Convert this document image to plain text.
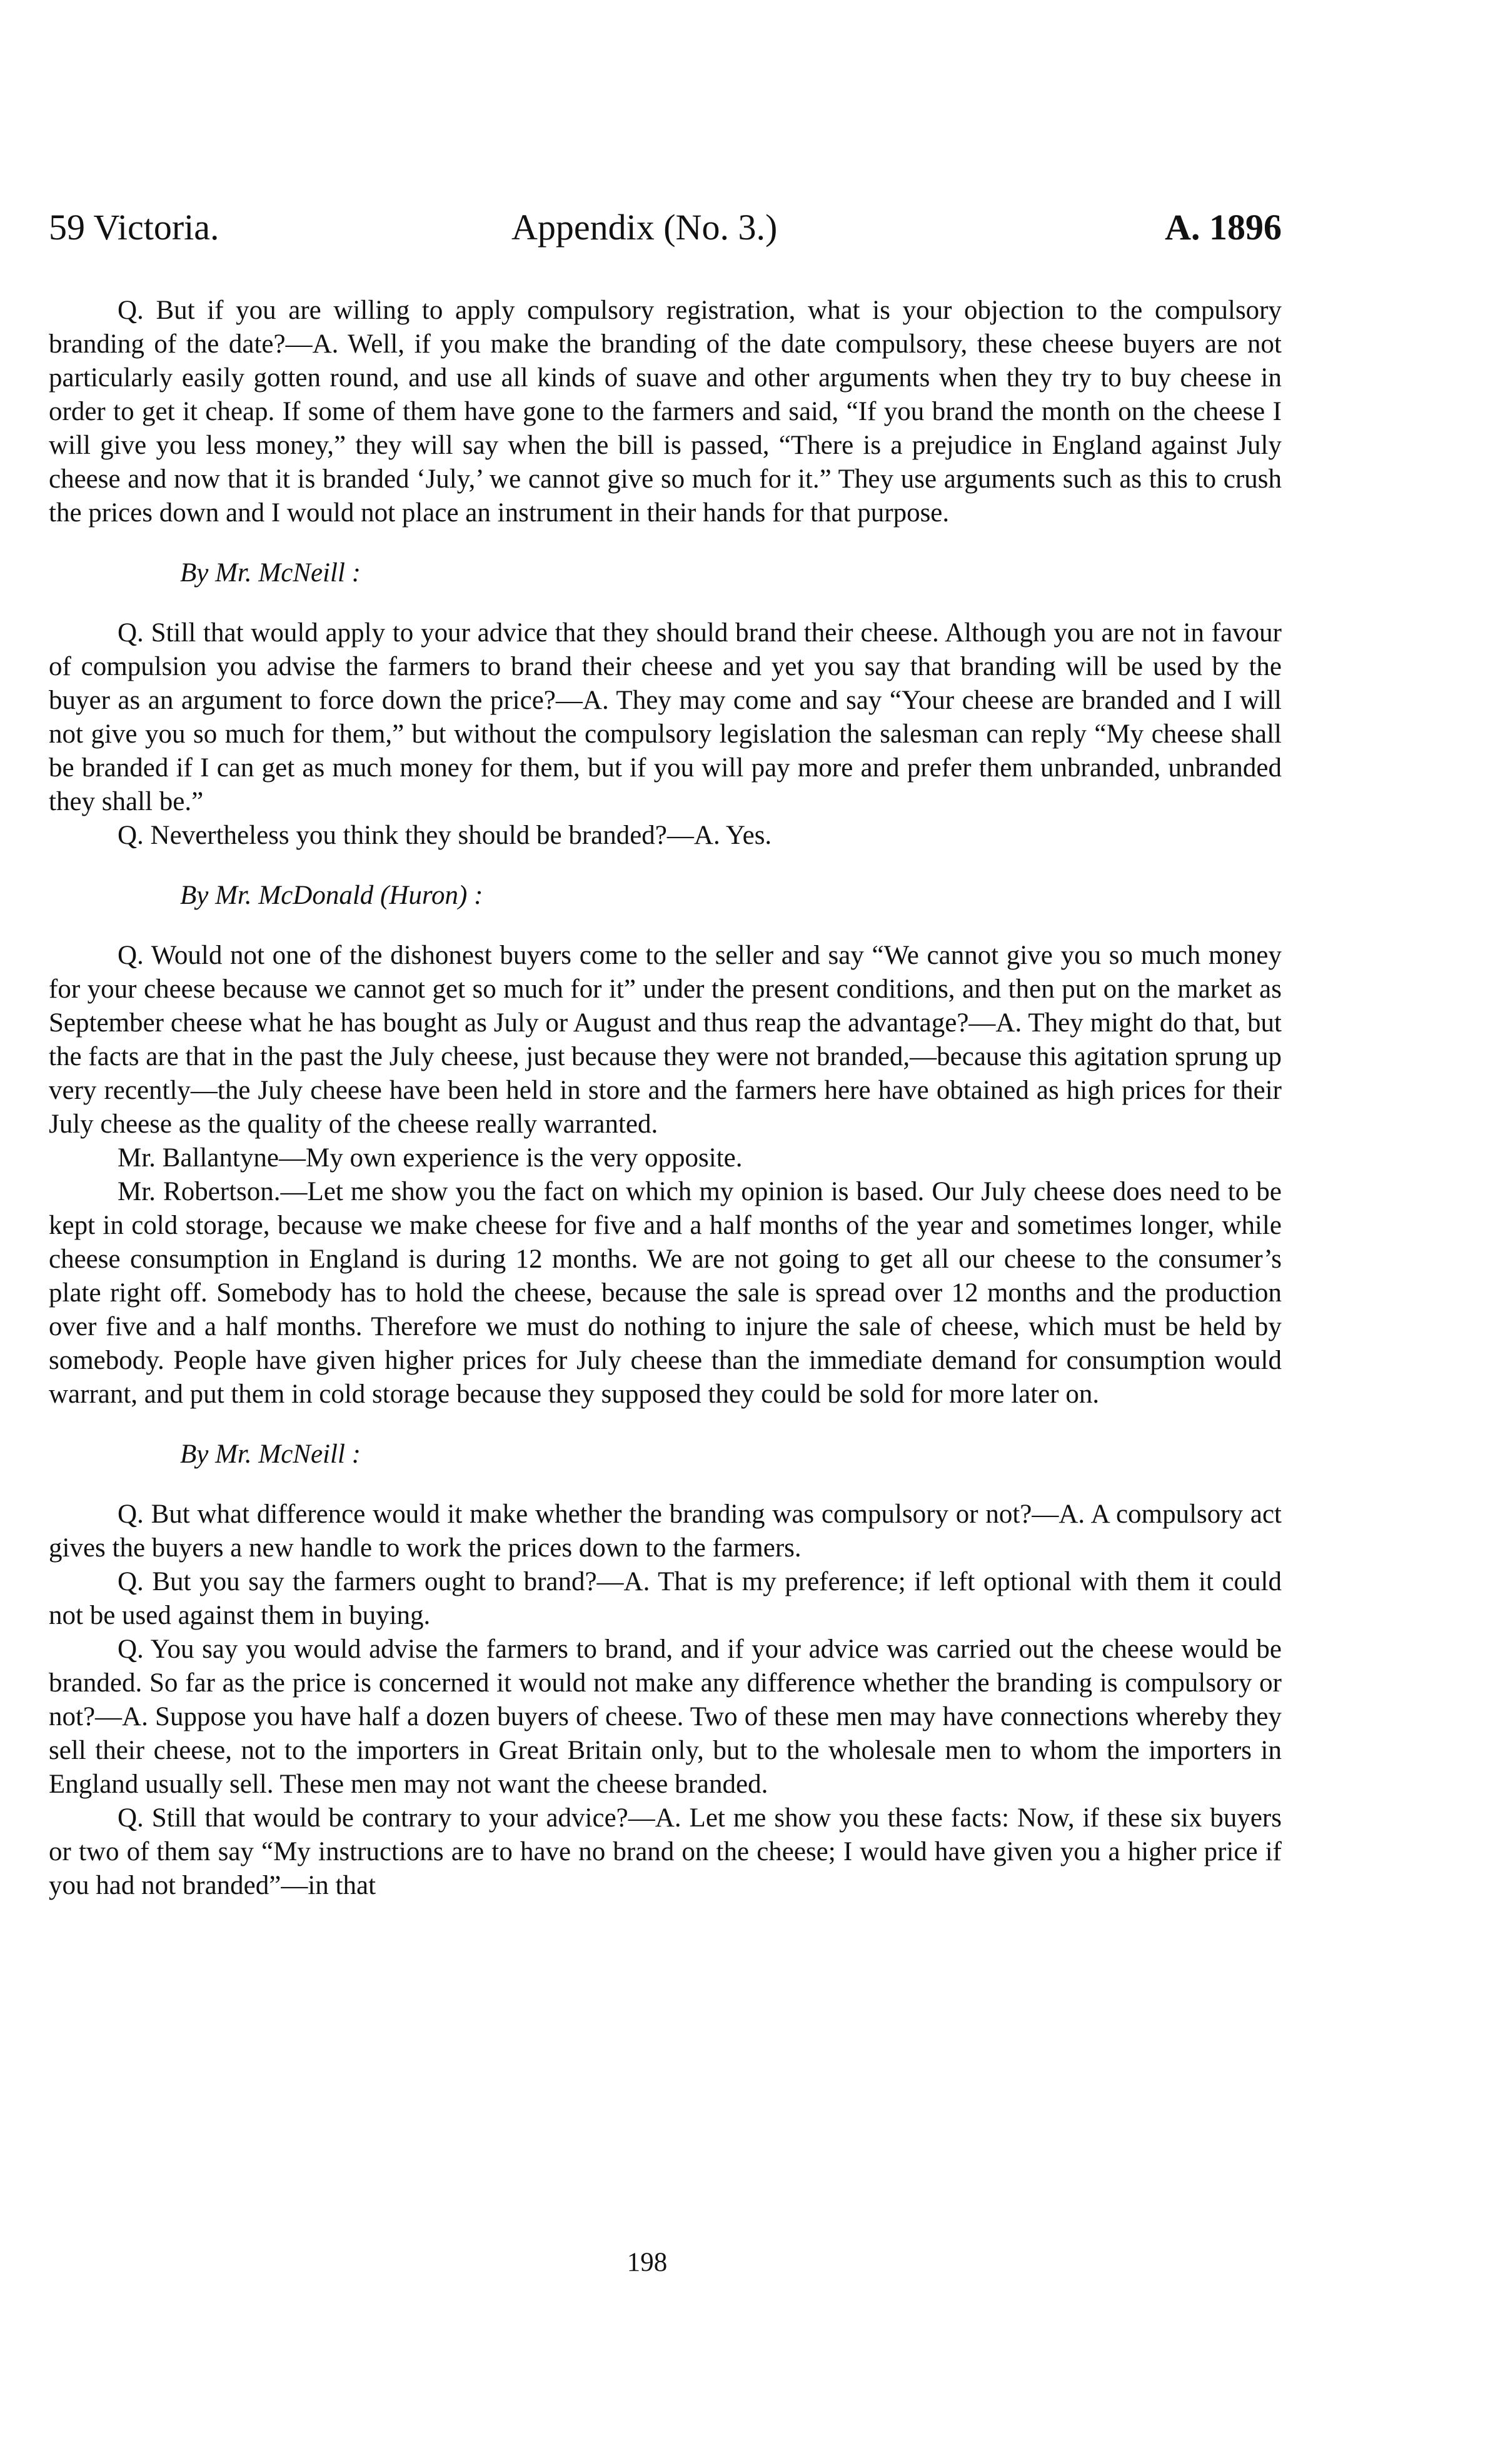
59 Victoria.	Appendix (No. 3.)	A. 1896

Q. But if you are willing to apply compulsory registration, what is your objection to the compulsory branding of the date?—A. Well, if you make the branding of the date compulsory, these cheese buyers are not particularly easily gotten round, and use all kinds of suave and other arguments when they try to buy cheese in order to get it cheap. If some of them have gone to the farmers and said, “If you brand the month on the cheese I will give you less money,” they will say when the bill is passed, “There is a prejudice in England against July cheese and now that it is branded ‘July,’ we cannot give so much for it.” They use arguments such as this to crush the prices down and I would not place an instrument in their hands for that purpose.

By Mr. McNeill :

Q. Still that would apply to your advice that they should brand their cheese. Although you are not in favour of compulsion you advise the farmers to brand their cheese and yet you say that branding will be used by the buyer as an argument to force down the price?—A. They may come and say “Your cheese are branded and I will not give you so much for them,” but without the compulsory legislation the salesman can reply “My cheese shall be branded if I can get as much money for them, but if you will pay more and prefer them unbranded, unbranded they shall be.”

Q. Nevertheless you think they should be branded?—A. Yes.

By Mr. McDonald (Huron) :

Q. Would not one of the dishonest buyers come to the seller and say “We cannot give you so much money for your cheese because we cannot get so much for it” under the present conditions, and then put on the market as September cheese what he has bought as July or August and thus reap the advantage?—A. They might do that, but the facts are that in the past the July cheese, just because they were not branded,—because this agitation sprung up very recently—the July cheese have been held in store and the farmers here have obtained as high prices for their July cheese as the quality of the cheese really warranted.

Mr. Ballantyne—My own experience is the very opposite.

Mr. Robertson.—Let me show you the fact on which my opinion is based. Our July cheese does need to be kept in cold storage, because we make cheese for five and a half months of the year and sometimes longer, while cheese consumption in England is during 12 months. We are not going to get all our cheese to the consumer’s plate right off. Somebody has to hold the cheese, because the sale is spread over 12 months and the production over five and a half months. Therefore we must do nothing to injure the sale of cheese, which must be held by somebody. People have given higher prices for July cheese than the immediate demand for consumption would warrant, and put them in cold storage because they supposed they could be sold for more later on.

By Mr. McNeill :

Q. But what difference would it make whether the branding was compulsory or not?—A. A compulsory act gives the buyers a new handle to work the prices down to the farmers.

Q. But you say the farmers ought to brand?—A. That is my preference; if left optional with them it could not be used against them in buying.

Q. You say you would advise the farmers to brand, and if your advice was carried out the cheese would be branded. So far as the price is concerned it would not make any difference whether the branding is compulsory or not?—A. Suppose you have half a dozen buyers of cheese. Two of these men may have connections whereby they sell their cheese, not to the importers in Great Britain only, but to the wholesale men to whom the importers in England usually sell. These men may not want the cheese branded.

Q. Still that would be contrary to your advice?—A. Let me show you these facts: Now, if these six buyers or two of them say “My instructions are to have no brand on the cheese; I would have given you a higher price if you had not branded”—in that

198
